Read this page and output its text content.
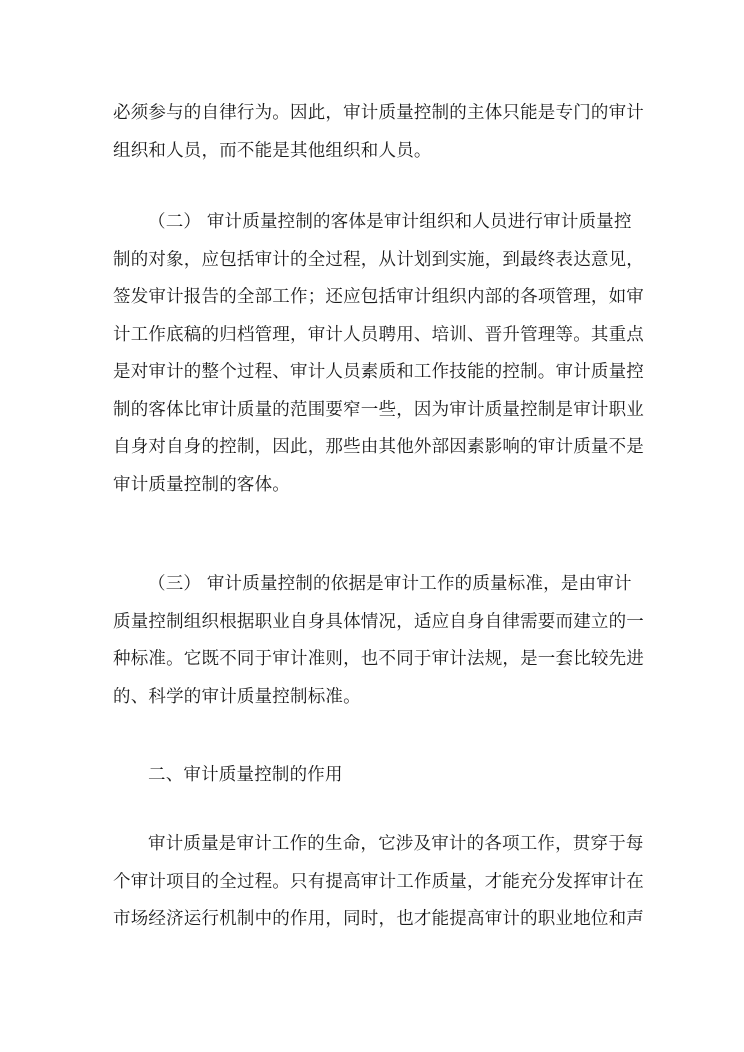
必须参与的自律行为。因此，审计质量控制的主体只能是专门的审计
组织和人员，而不能是其他组织和人员。
（二） 审计质量控制的客体是审计组织和人员进行审计质量控
制的对象，应包括审计的全过程，从计划到实施，到最终表达意见，
签发审计报告的全部工作；还应包括审计组织内部的各项管理，如审
计工作底稿的归档管理，审计人员聘用、培训、晋升管理等。其重点
是对审计的整个过程、审计人员素质和工作技能的控制。审计质量控
制的客体比审计质量的范围要窄一些，因为审计质量控制是审计职业
自身对自身的控制，因此，那些由其他外部因素影响的审计质量不是
审计质量控制的客体。
（三） 审计质量控制的依据是审计工作的质量标准，是由审计
质量控制组织根据职业自身具体情况，适应自身自律需要而建立的一
种标准。它既不同于审计准则，也不同于审计法规，是一套比较先进
的、科学的审计质量控制标准。
二、审计质量控制的作用
审计质量是审计工作的生命，它涉及审计的各项工作，贯穿于每
个审计项目的全过程。只有提高审计工作质量，才能充分发挥审计在
市场经济运行机制中的作用，同时，也才能提高审计的职业地位和声
